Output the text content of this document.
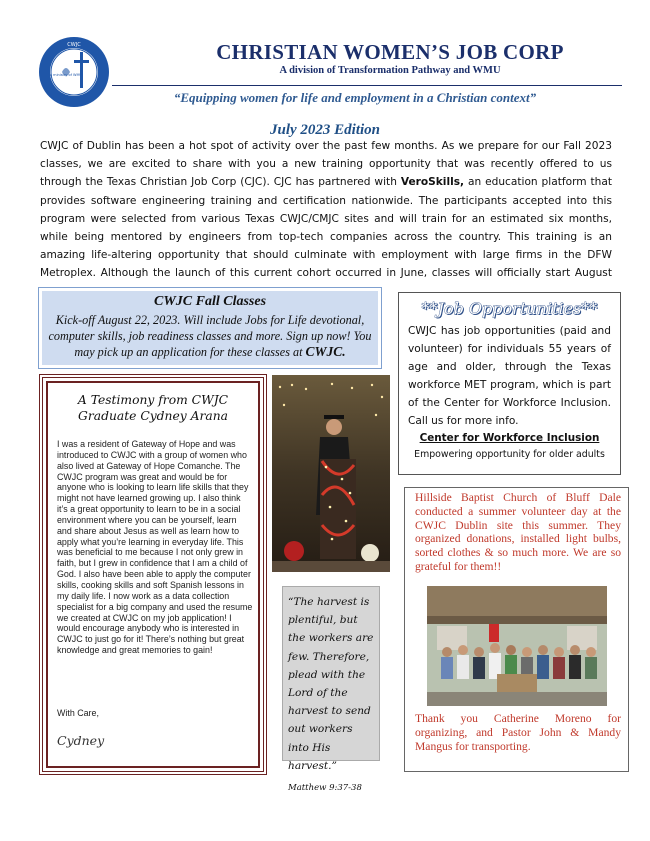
CWJC
a ministry of WMU
CHRISTIAN WOMEN’S JOB CORP
A division of Transformation Pathway and WMU
“Equipping women for life and employment in a Christian context”
July 2023 Edition
CWJC of Dublin has been a hot spot of activity over the past few months. As we prepare for our Fall 2023 classes, we are excited to share with you a new training opportunity that was recently offered to us through the Texas Christian Job Corp (CJC). CJC has partnered with VeroSkills, an education platform that provides software engineering training and certification nationwide. The participants accepted into this program were selected from various Texas CWJC/CMJC sites and will train for an estimated six months, while being mentored by engineers from top-tech companies across the country. This training is an amazing life-altering opportunity that should culminate with employment with large firms in the DFW Metroplex. Although the launch of this current cohort occurred in June, classes will officially start August
CWJC Fall Classes
Kick-off August 22, 2023. Will include Jobs for Life devotional, computer skills, job readiness classes and more. Sign up now! You may pick up an application for these classes at CWJC.
**Job Opportunities**
CWJC has job opportunities (paid and volunteer) for individuals 55 years of age and older, through the Texas workforce MET program, which is part of the Center for Workforce Inclusion. Call us for more info.
Center for Workforce Inclusion
Empowering opportunity for older adults
A Testimony from CWJC Graduate Cydney Arana
I was a resident of Gateway of Hope and was introduced to CWJC with a group of women who also lived at Gateway of Hope Comanche. The CWJC program was great and would be for anyone who is looking to learn life skills that they might not have learned growing up. I also think it’s a great opportunity to learn to be in a social environment where you can be yourself, learn and share about Jesus as well as learn how to apply what you’re learning in everyday life. This was beneficial to me because I not only grew in faith, but I grew in confidence that I am a child of God. I also have been able to apply the computer skills, cooking skills and soft Spanish lessons in my daily life. I now work as a data collection specialist for a big company and used the resume we created at CWJC on my job application! I would encourage anybody who is interested in CWJC to just go for it! There’s nothing but great knowledge and great memories to gain!
With Care,
Cydney
“The harvest is plentiful, but the workers are few. Therefore, plead with the Lord of the harvest to send out workers into His harvest.”
Matthew 9:37-38
Hillside Baptist Church of Bluff Dale conducted a summer volunteer day at the CWJC Dublin site this summer. They organized donations, installed light bulbs, sorted clothes & so much more. We are so grateful for them!!
Thank you Catherine Moreno for organizing, and Pastor John & Mandy Mangus for transporting.
